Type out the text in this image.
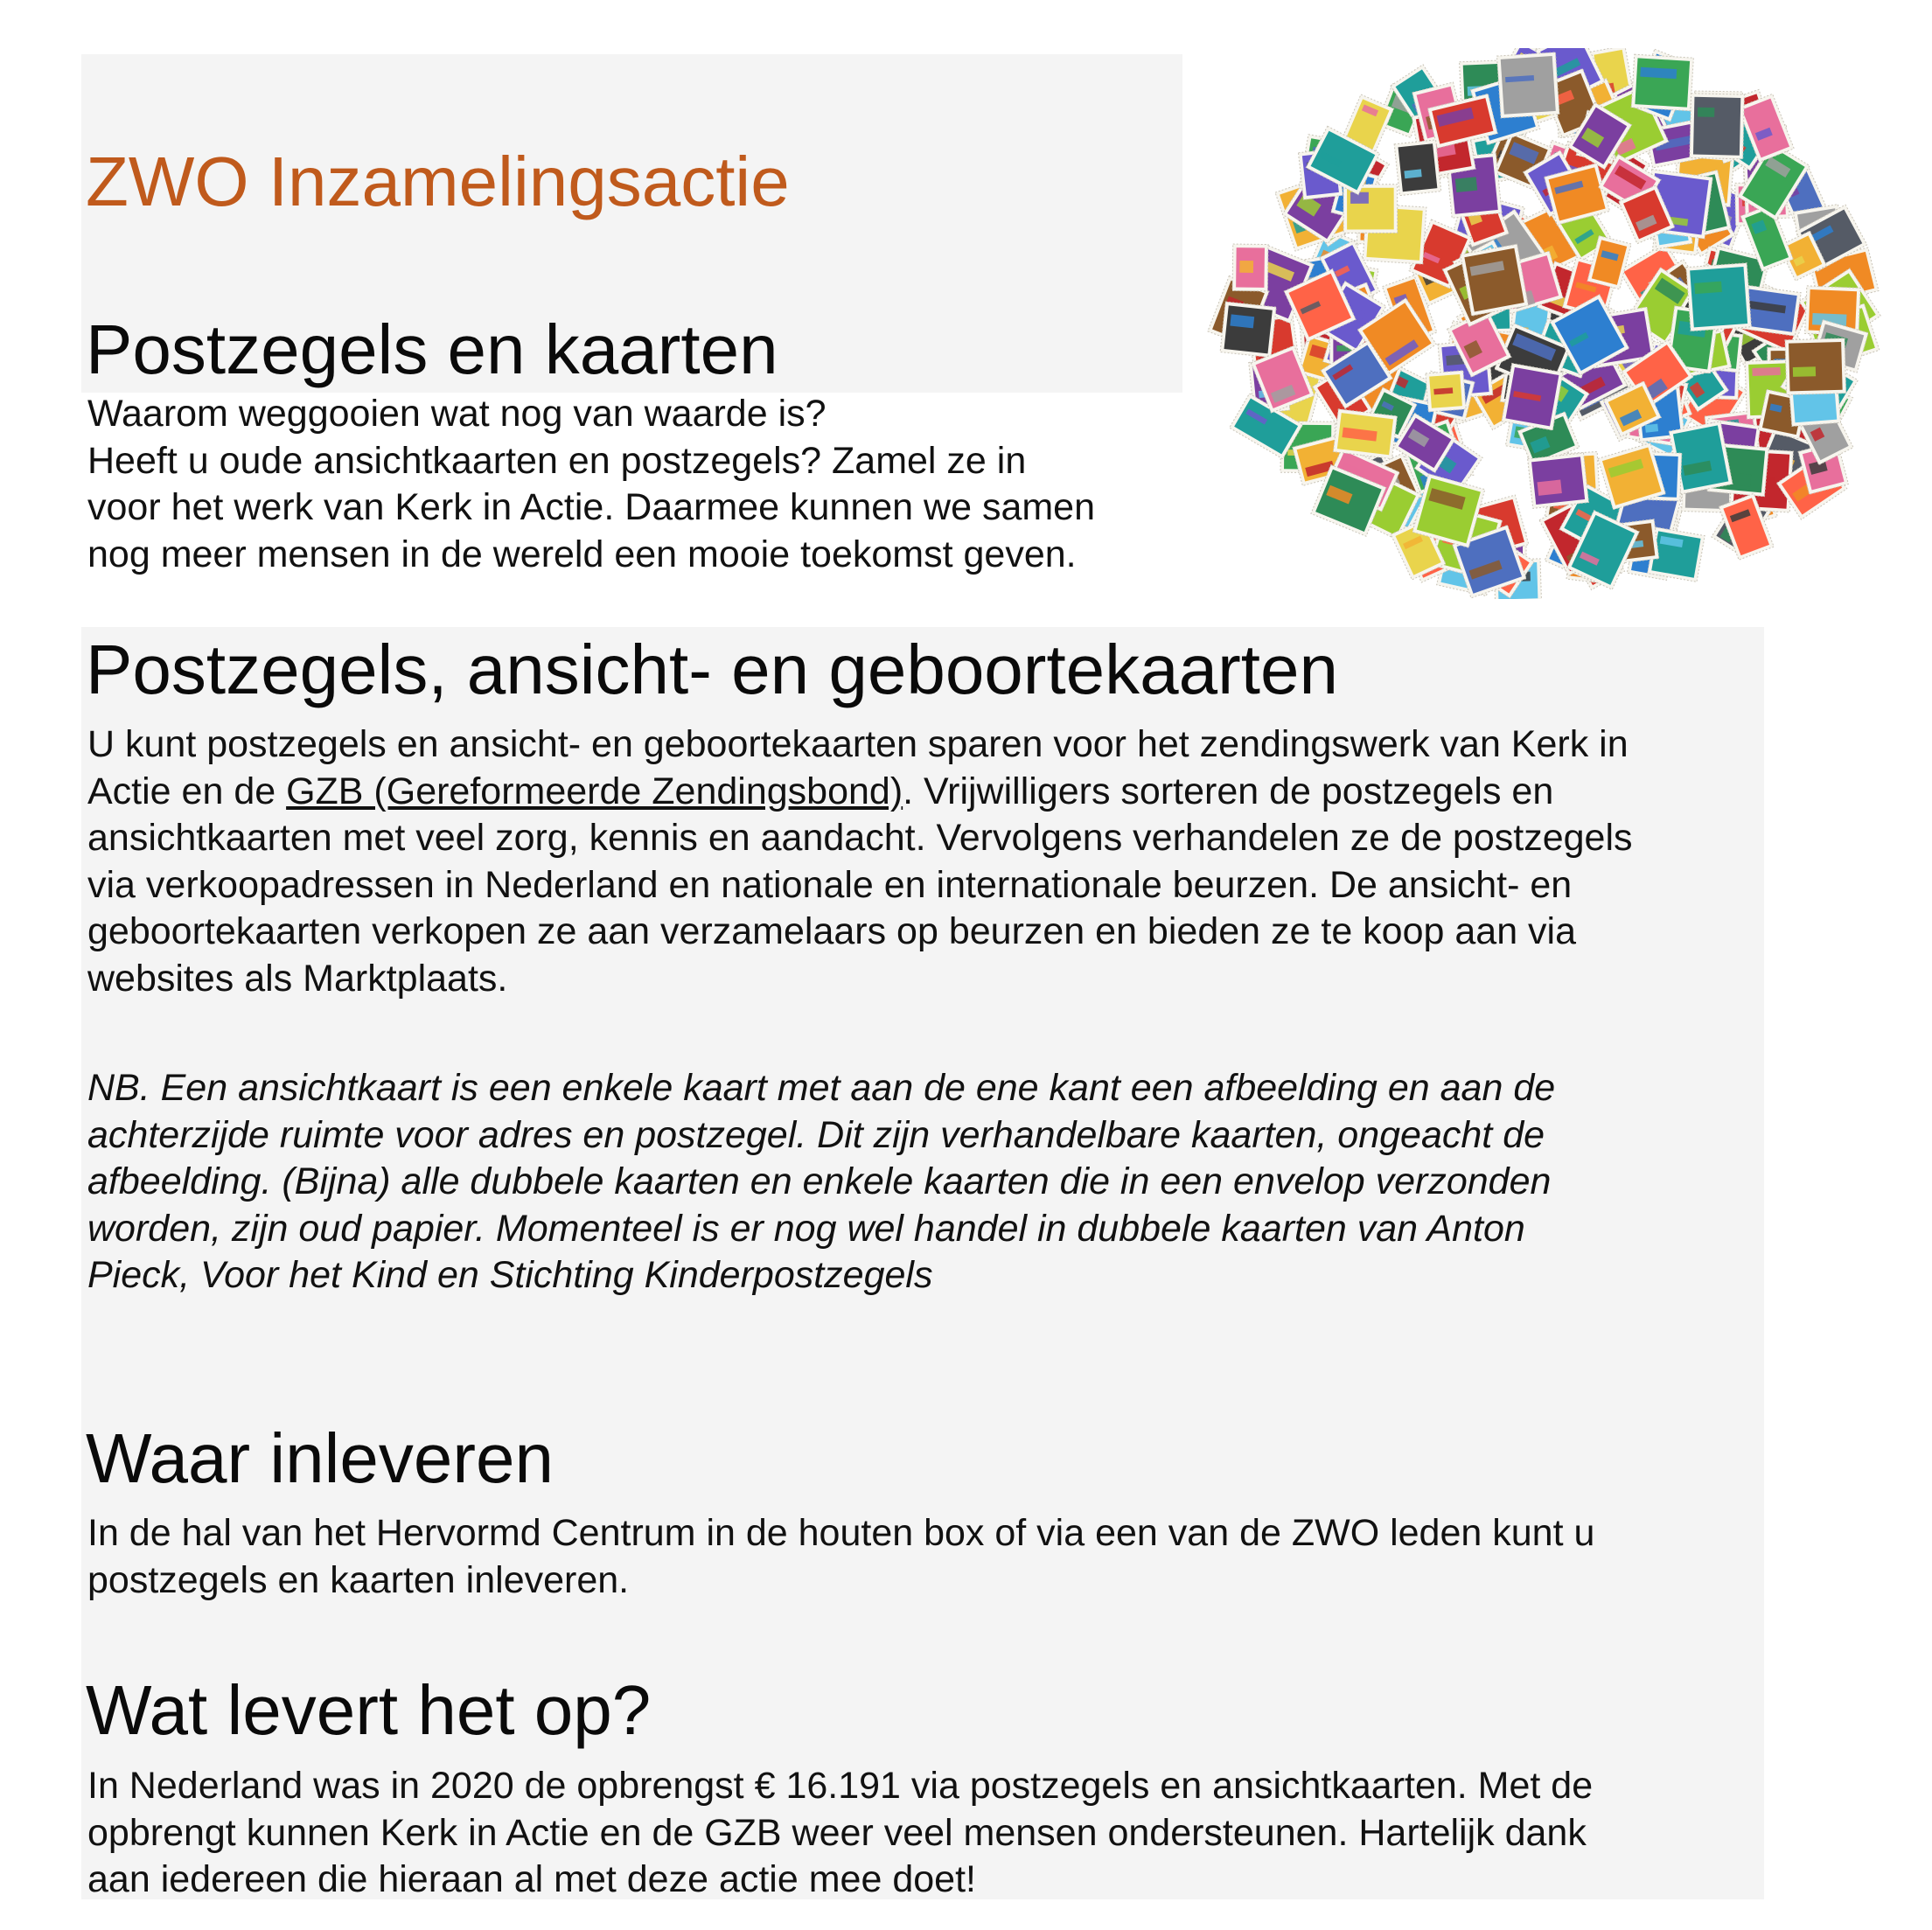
ZWO Inzamelingsactie
Postzegels en kaarten

Waarom weggooien wat nog van waarde is?
Heeft u oude ansichtkaarten en postzegels? Zamel ze in
voor het werk van Kerk in Actie. Daarmee kunnen we samen
nog meer mensen in de wereld een mooie toekomst geven.

Postzegels, ansicht- en geboortekaarten

U kunt postzegels en ansicht- en geboortekaarten sparen voor het zendingswerk van Kerk in
Actie en de GZB (Gereformeerde Zendingsbond). Vrijwilligers sorteren de postzegels en
ansichtkaarten met veel zorg, kennis en aandacht. Vervolgens verhandelen ze de postzegels
via verkoopadressen in Nederland en nationale en internationale beurzen. De ansicht- en
geboortekaarten verkopen ze aan verzamelaars op beurzen en bieden ze te koop aan via
websites als Marktplaats.

NB. Een ansichtkaart is een enkele kaart met aan de ene kant een afbeelding en aan de
achterzijde ruimte voor adres en postzegel. Dit zijn verhandelbare kaarten, ongeacht de
afbeelding. (Bijna) alle dubbele kaarten en enkele kaarten die in een envelop verzonden
worden, zijn oud papier. Momenteel is er nog wel handel in dubbele kaarten van Anton
Pieck, Voor het Kind en Stichting Kinderpostzegels

Waar inleveren

In de hal van het Hervormd Centrum in de houten box of via een van de ZWO leden kunt u
postzegels en kaarten inleveren.

Wat levert het op?

In Nederland was in 2020 de opbrengst € 16.191 via postzegels en ansichtkaarten. Met de
opbrengt kunnen Kerk in Actie en de GZB weer veel mensen ondersteunen. Hartelijk dank
aan iedereen die hieraan al met deze actie mee doet!
